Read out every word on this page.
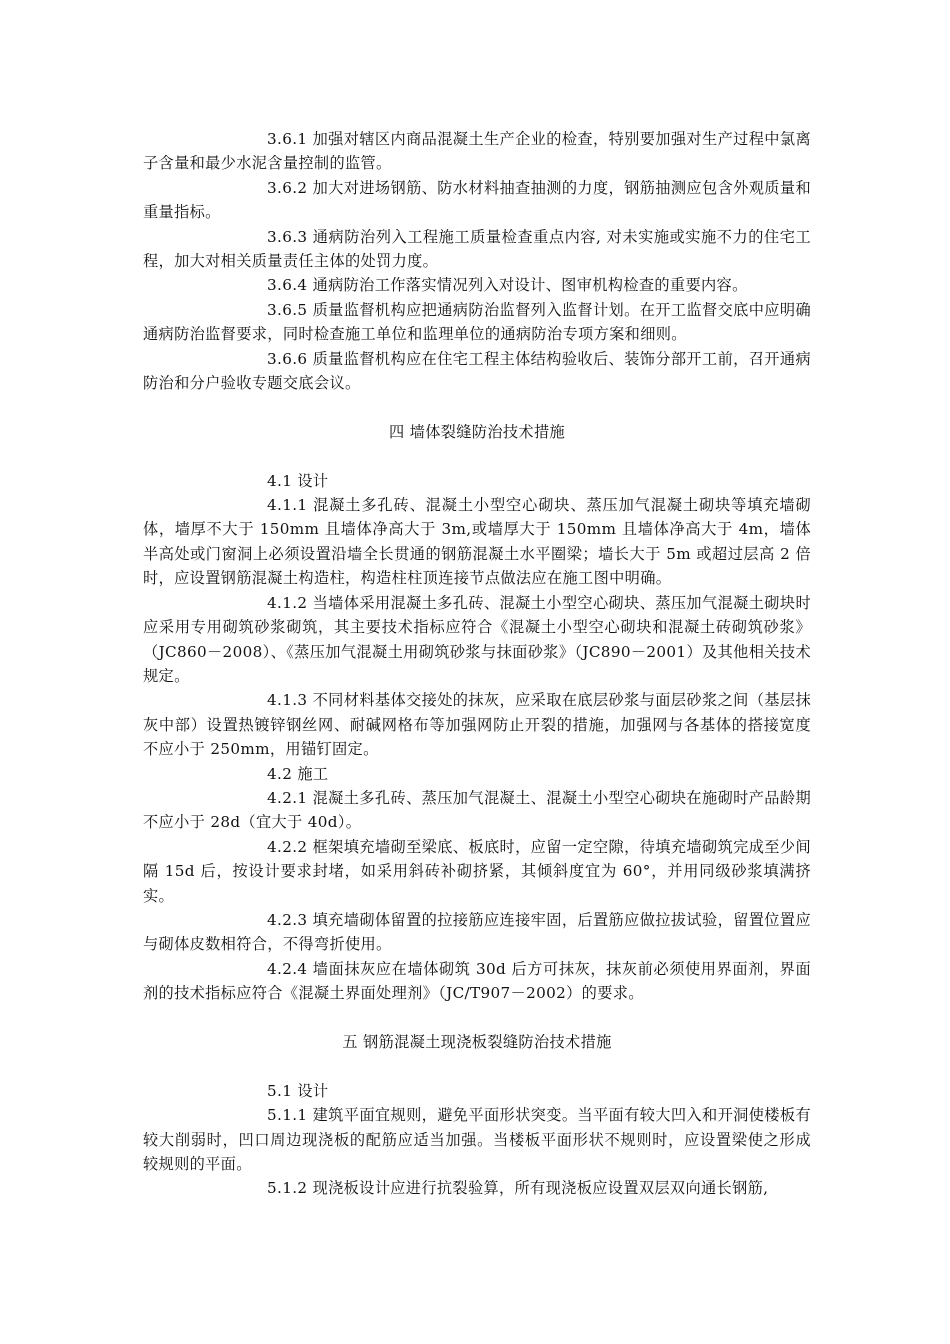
3.6.1 加强对辖区内商品混凝土生产企业的检查，特别要加强对生产过程中氯离子含量和最少水泥含量控制的监管。

3.6.2 加大对进场钢筋、防水材料抽查抽测的力度，钢筋抽测应包含外观质量和重量指标。

3.6.3 通病防治列入工程施工质量检查重点内容, 对未实施或实施不力的住宅工程，加大对相关质量责任主体的处罚力度。

3.6.4 通病防治工作落实情况列入对设计、图审机构检查的重要内容。

3.6.5 质量监督机构应把通病防治监督列入监督计划。在开工监督交底中应明确通病防治监督要求，同时检查施工单位和监理单位的通病防治专项方案和细则。

3.6.6 质量监督机构应在住宅工程主体结构验收后、装饰分部开工前，召开通病防治和分户验收专题交底会议。

四 墙体裂缝防治技术措施

4.1 设计

4.1.1 混凝土多孔砖、混凝土小型空心砌块、蒸压加气混凝土砌块等填充墙砌体，墙厚不大于 150mm 且墙体净高大于 3m,或墙厚大于 150mm 且墙体净高大于 4m，墙体半高处或门窗洞上必须设置沿墙全长贯通的钢筋混凝土水平圈梁；墙长大于 5m 或超过层高 2 倍时，应设置钢筋混凝土构造柱，构造柱柱顶连接节点做法应在施工图中明确。

4.1.2 当墙体采用混凝土多孔砖、混凝土小型空心砌块、蒸压加气混凝土砌块时应采用专用砌筑砂浆砌筑，其主要技术指标应符合《混凝土小型空心砌块和混凝土砖砌筑砂浆》（JC860－2008）、《蒸压加气混凝土用砌筑砂浆与抹面砂浆》（JC890－2001）及其他相关技术规定。

4.1.3 不同材料基体交接处的抹灰，应采取在底层砂浆与面层砂浆之间（基层抹灰中部）设置热镀锌钢丝网、耐碱网格布等加强网防止开裂的措施，加强网与各基体的搭接宽度不应小于 250mm，用锚钉固定。

4.2 施工

4.2.1 混凝土多孔砖、蒸压加气混凝土、混凝土小型空心砌块在施砌时产品龄期不应小于 28d（宜大于 40d）。

4.2.2 框架填充墙砌至梁底、板底时，应留一定空隙，待填充墙砌筑完成至少间隔 15d 后，按设计要求封堵，如采用斜砖补砌挤紧，其倾斜度宜为 60°，并用同级砂浆填满挤实。

4.2.3 填充墙砌体留置的拉接筋应连接牢固，后置筋应做拉拔试验，留置位置应与砌体皮数相符合，不得弯折使用。

4.2.4 墙面抹灰应在墙体砌筑 30d 后方可抹灰，抹灰前必须使用界面剂，界面剂的技术指标应符合《混凝土界面处理剂》（JC/T907－2002）的要求。

五 钢筋混凝土现浇板裂缝防治技术措施

5.1 设计

5.1.1 建筑平面宜规则，避免平面形状突变。当平面有较大凹入和开洞使楼板有较大削弱时，凹口周边现浇板的配筋应适当加强。当楼板平面形状不规则时，应设置梁使之形成较规则的平面。

5.1.2 现浇板设计应进行抗裂验算，所有现浇板应设置双层双向通长钢筋,
